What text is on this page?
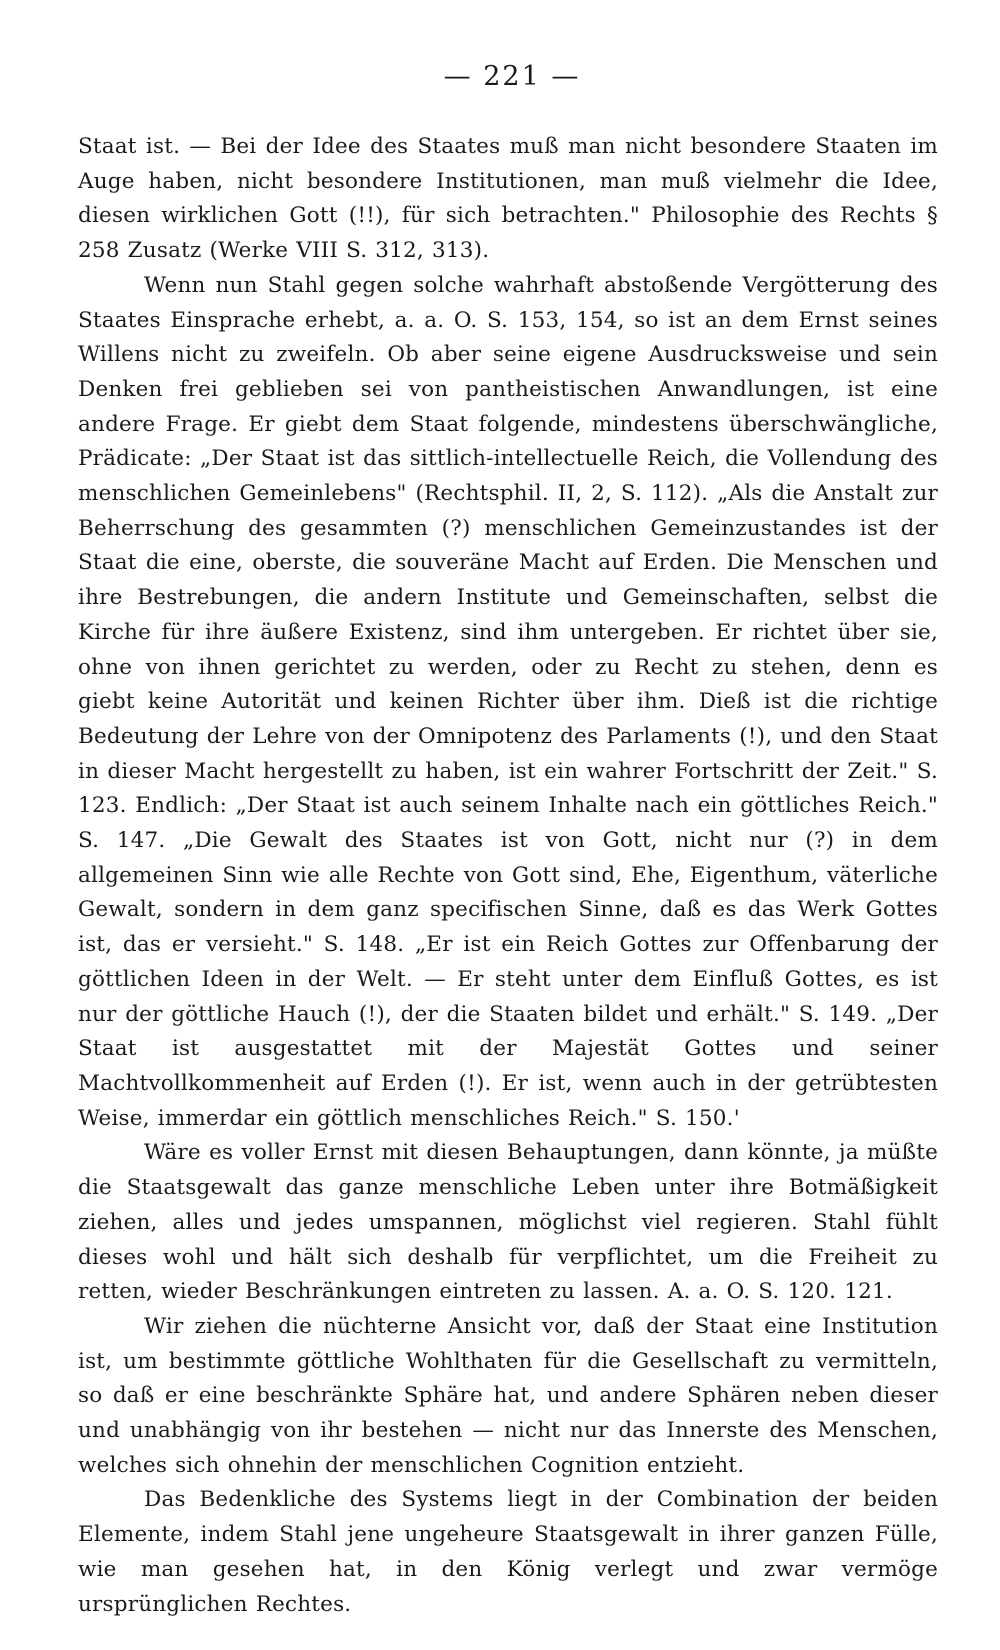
— 221 —

Staat ist. — Bei der Idee des Staates muß man nicht besondere Staaten im Auge haben, nicht besondere Institutionen, man muß vielmehr die Idee, diesen wirklichen Gott (!!), für sich betrachten." Philosophie des Rechts § 258 Zusatz (Werke VIII S. 312, 313).

Wenn nun Stahl gegen solche wahrhaft abstoßende Vergötterung des Staates Einsprache erhebt, a. a. O. S. 153, 154, so ist an dem Ernst seines Willens nicht zu zweifeln. Ob aber seine eigene Ausdrucksweise und sein Denken frei geblieben sei von pantheistischen Anwandlungen, ist eine andere Frage. Er giebt dem Staat folgende, mindestens überschwängliche, Prädicate: „Der Staat ist das sittlich-intellectuelle Reich, die Vollendung des menschlichen Gemeinlebens" (Rechtsphil. II, 2, S. 112). „Als die Anstalt zur Beherrschung des gesammten (?) menschlichen Gemeinzustandes ist der Staat die eine, oberste, die souveräne Macht auf Erden. Die Menschen und ihre Bestrebungen, die andern Institute und Gemeinschaften, selbst die Kirche für ihre äußere Existenz, sind ihm untergeben. Er richtet über sie, ohne von ihnen gerichtet zu werden, oder zu Recht zu stehen, denn es giebt keine Autorität und keinen Richter über ihm. Dieß ist die richtige Bedeutung der Lehre von der Omnipotenz des Parlaments (!), und den Staat in dieser Macht hergestellt zu haben, ist ein wahrer Fortschritt der Zeit." S. 123. Endlich: „Der Staat ist auch seinem Inhalte nach ein göttliches Reich." S. 147. „Die Gewalt des Staates ist von Gott, nicht nur (?) in dem allgemeinen Sinn wie alle Rechte von Gott sind, Ehe, Eigenthum, väterliche Gewalt, sondern in dem ganz specifischen Sinne, daß es das Werk Gottes ist, das er versieht." S. 148. „Er ist ein Reich Gottes zur Offenbarung der göttlichen Ideen in der Welt. — Er steht unter dem Einfluß Gottes, es ist nur der göttliche Hauch (!), der die Staaten bildet und erhält." S. 149. „Der Staat ist ausgestattet mit der Majestät Gottes und seiner Machtvollkommenheit auf Erden (!). Er ist, wenn auch in der getrübtesten Weise, immerdar ein göttlich menschliches Reich." S. 150.'

Wäre es voller Ernst mit diesen Behauptungen, dann könnte, ja müßte die Staatsgewalt das ganze menschliche Leben unter ihre Botmäßigkeit ziehen, alles und jedes umspannen, möglichst viel regieren. Stahl fühlt dieses wohl und hält sich deshalb für verpflichtet, um die Freiheit zu retten, wieder Beschränkungen eintreten zu lassen. A. a. O. S. 120. 121.

Wir ziehen die nüchterne Ansicht vor, daß der Staat eine Institution ist, um bestimmte göttliche Wohlthaten für die Gesellschaft zu vermitteln, so daß er eine beschränkte Sphäre hat, und andere Sphären neben dieser und unabhängig von ihr bestehen — nicht nur das Innerste des Menschen, welches sich ohnehin der menschlichen Cognition entzieht.

Das Bedenkliche des Systems liegt in der Combination der beiden Elemente, indem Stahl jene ungeheure Staatsgewalt in ihrer ganzen Fülle, wie man gesehen hat, in den König verlegt und zwar vermöge ursprünglichen Rechtes.
